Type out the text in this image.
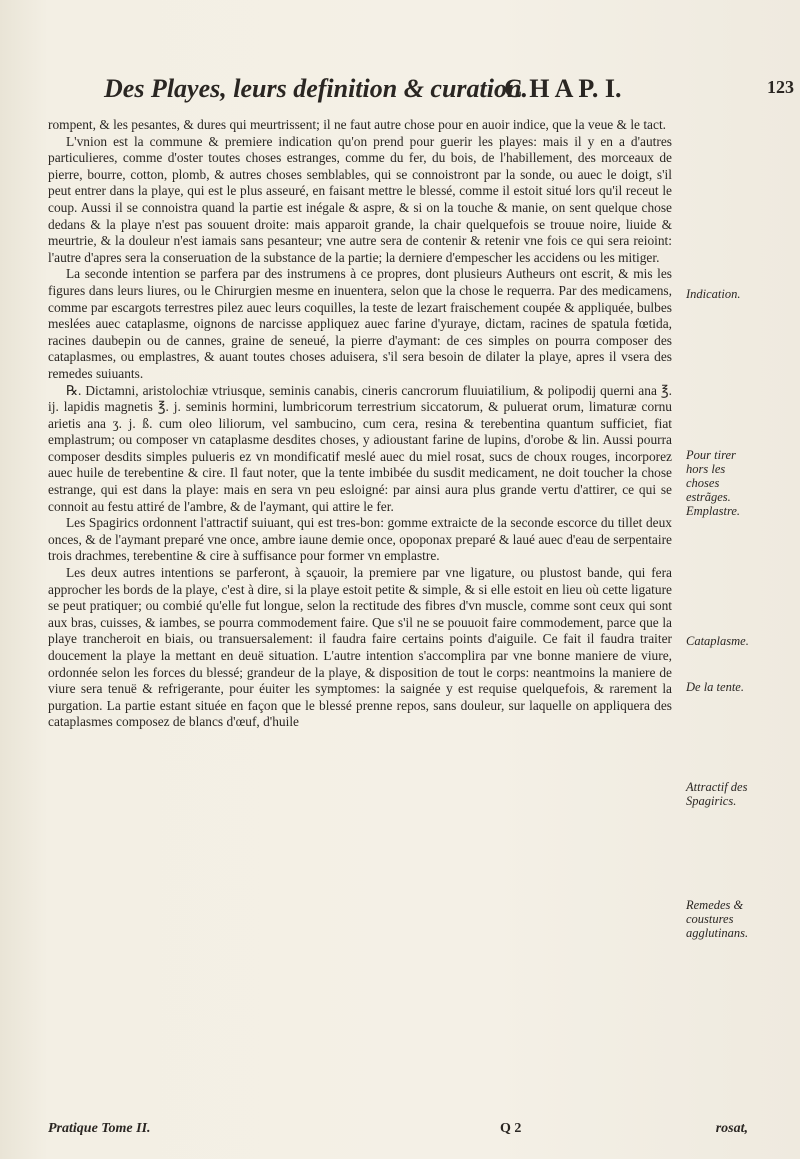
Des Playes, leurs definition & curation.
C H A P. I.	123

rompent, & les pesantes, & dures qui meurtrissent; il ne faut autre chose pour en auoir indice, que la veue & le tact.

L'vnion est la commune & premiere indication qu'on prend pour guerir les playes: mais il y en a d'autres particulieres, comme d'oster toutes choses estranges, comme du fer, du bois, de l'habillement, des morceaux de pierre, bourre, cotton, plomb, & autres choses semblables, qui se connoistront par la sonde, ou auec le doigt, s'il peut entrer dans la playe, qui est le plus asseuré, en faisant mettre le blessé, comme il estoit situé lors qu'il receut le coup. Aussi il se connoistra quand la partie est inégale & aspre, & si on la touche & manie, on sent quelque chose dedans & la playe n'est pas souuent droite: mais apparoit grande, la chair quelquefois se trouue noire, liuide & meurtrie, & la douleur n'est iamais sans pesanteur; vne autre sera de contenir & retenir vne fois ce qui sera reioint: l'autre d'apres sera la conseruation de la substance de la partie; la derniere d'empescher les accidens ou les mitiger.

La seconde intention se parfera par des instrumens à ce propres, dont plusieurs Autheurs ont escrit, & mis les figures dans leurs liures, ou le Chirurgien mesme en inuentera, selon que la chose le requerra. Par des medicamens, comme par escargots terrestres pilez auec leurs coquilles, la teste de lezart fraischement coupée & appliquée, bulbes meslées auec cataplasme, oignons de narcisse appliquez auec farine d'yuraye, dictam, racines de spatula fœtida, racines daubepin ou de cannes, graine de seneué, la pierre d'aymant: de ces simples on pourra composer des cataplasmes, ou emplastres, & auant toutes choses aduisera, s'il sera besoin de dilater la playe, apres il vsera des remedes suiuants.

℞. Dictamni, aristolochiæ vtriusque, seminis canabis, cineris cancrorum fluuiatilium, & polipodij querni ana ℥. ij. lapidis magnetis ℥. j. seminis hormini, lumbricorum terrestrium siccatorum, & puluerat orum, limaturæ cornu arietis ana ʒ. j. ß. cum oleo liliorum, vel sambucino, cum cera, resina & terebentina quantum sufficiet, fiat emplastrum; ou composer vn cataplasme desdites choses, y adioustant farine de lupins, d'orobe & lin. Aussi pourra composer desdits simples pulueris ez vn mondificatif meslé auec du miel rosat, sucs de choux rouges, incorporez auec huile de terebentine & cire. Il faut noter, que la tente imbibée du susdit medicament, ne doit toucher la chose estrange, qui est dans la playe: mais en sera vn peu esloigné: par ainsi aura plus grande vertu d'attirer, ce qui se connoit au festu attiré de l'ambre, & de l'aymant, qui attire le fer.

Les Spagirics ordonnent l'attractif suiuant, qui est tres-bon: gomme extraicte de la seconde escorce du tillet deux onces, & de l'aymant preparé vne once, ambre iaune demie once, opoponax preparé & laué auec d'eau de serpentaire trois drachmes, terebentine & cire à suffisance pour former vn emplastre.

Les deux autres intentions se parferont, à sçauoir, la premiere par vne ligature, ou plustost bande, qui fera approcher les bords de la playe, c'est à dire, si la playe estoit petite & simple, & si elle estoit en lieu où cette ligature se peut pratiquer; ou combié qu'elle fut longue, selon la rectitude des fibres d'vn muscle, comme sont ceux qui sont aux bras, cuisses, & iambes, se pourra commodement faire. Que s'il ne se pouuoit faire commodement, parce que la playe trancheroit en biais, ou transuersalement: il faudra faire certains points d'aiguile. Ce fait il faudra traiter doucement la playe la mettant en deuë situation. L'autre intention s'accomplira par vne bonne maniere de viure, ordonnée selon les forces du blessé; grandeur de la playe, & disposition de tout le corps: neantmoins la maniere de viure sera tenuë & refrigerante, pour éuiter les symptomes: la saignée y est requise quelquefois, & rarement la purgation. La partie estant située en façon que le blessé prenne repos, sans douleur, sur laquelle on appliquera des cataplasmes composez de blancs d'œuf, d'huile

Indication.
Pour tirer hors les choses estrãges. Emplastre.
Cataplasme.
De la tente.
Attractif des Spagirics.
Remedes & coustures agglutinans.
Pratique Tome II.	Q 2	rosat,
